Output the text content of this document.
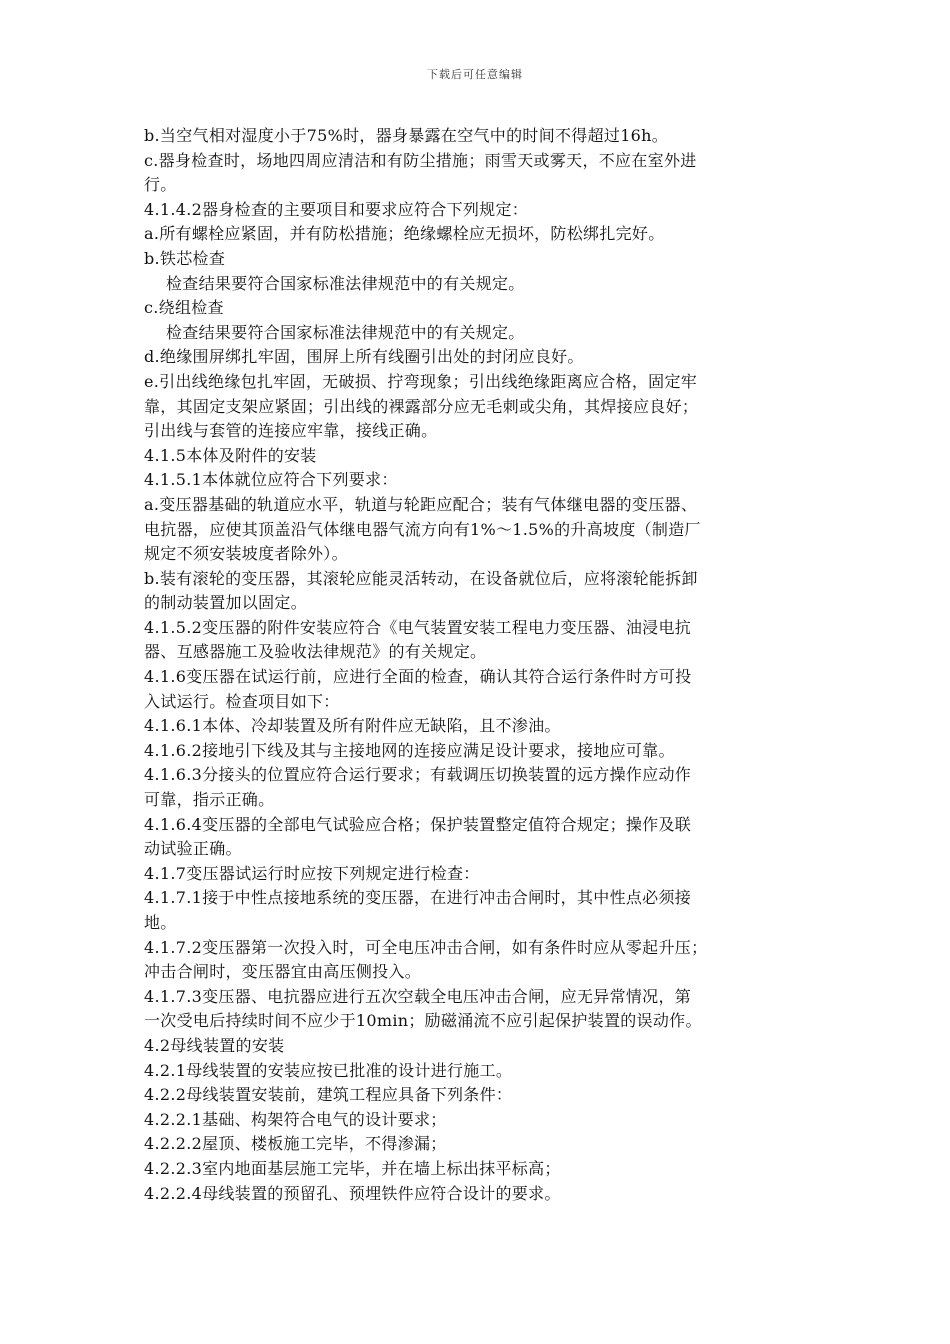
下载后可任意编辑
b.当空气相对湿度小于75%时，器身暴露在空气中的时间不得超过16h。
c.器身检查时，场地四周应清洁和有防尘措施；雨雪天或雾天，不应在室外进
行。
4.1.4.2器身检查的主要项目和要求应符合下列规定：
a.所有螺栓应紧固，并有防松措施；绝缘螺栓应无损坏，防松绑扎完好。
b.铁芯检查
检查结果要符合国家标准法律规范中的有关规定。
c.绕组检查
检查结果要符合国家标准法律规范中的有关规定。
d.绝缘围屏绑扎牢固，围屏上所有线圈引出处的封闭应良好。
e.引出线绝缘包扎牢固，无破损、拧弯现象；引出线绝缘距离应合格，固定牢
靠，其固定支架应紧固；引出线的裸露部分应无毛刺或尖角，其焊接应良好；
引出线与套管的连接应牢靠，接线正确。
4.1.5本体及附件的安装
4.1.5.1本体就位应符合下列要求：
a.变压器基础的轨道应水平，轨道与轮距应配合；装有气体继电器的变压器、
电抗器，应使其顶盖沿气体继电器气流方向有1%～1.5%的升高坡度（制造厂
规定不须安装坡度者除外）。
b.装有滚轮的变压器，其滚轮应能灵活转动，在设备就位后，应将滚轮能拆卸
的制动装置加以固定。
4.1.5.2变压器的附件安装应符合《电气装置安装工程电力变压器、油浸电抗
器、互感器施工及验收法律规范》的有关规定。
4.1.6变压器在试运行前，应进行全面的检查，确认其符合运行条件时方可投
入试运行。检查项目如下：
4.1.6.1本体、冷却装置及所有附件应无缺陷，且不渗油。
4.1.6.2接地引下线及其与主接地网的连接应满足设计要求，接地应可靠。
4.1.6.3分接头的位置应符合运行要求；有载调压切换装置的远方操作应动作
可靠，指示正确。
4.1.6.4变压器的全部电气试验应合格；保护装置整定值符合规定；操作及联
动试验正确。
4.1.7变压器试运行时应按下列规定进行检查：
4.1.7.1接于中性点接地系统的变压器，在进行冲击合闸时，其中性点必须接
地。
4.1.7.2变压器第一次投入时，可全电压冲击合闸，如有条件时应从零起升压；
冲击合闸时，变压器宜由高压侧投入。
4.1.7.3变压器、电抗器应进行五次空载全电压冲击合闸，应无异常情况，第
一次受电后持续时间不应少于10min；励磁涌流不应引起保护装置的误动作。
4.2母线装置的安装
4.2.1母线装置的安装应按已批准的设计进行施工。
4.2.2母线装置安装前，建筑工程应具备下列条件：
4.2.2.1基础、构架符合电气的设计要求；
4.2.2.2屋顶、楼板施工完毕，不得渗漏；
4.2.2.3室内地面基层施工完毕，并在墙上标出抹平标高；
4.2.2.4母线装置的预留孔、预埋铁件应符合设计的要求。
